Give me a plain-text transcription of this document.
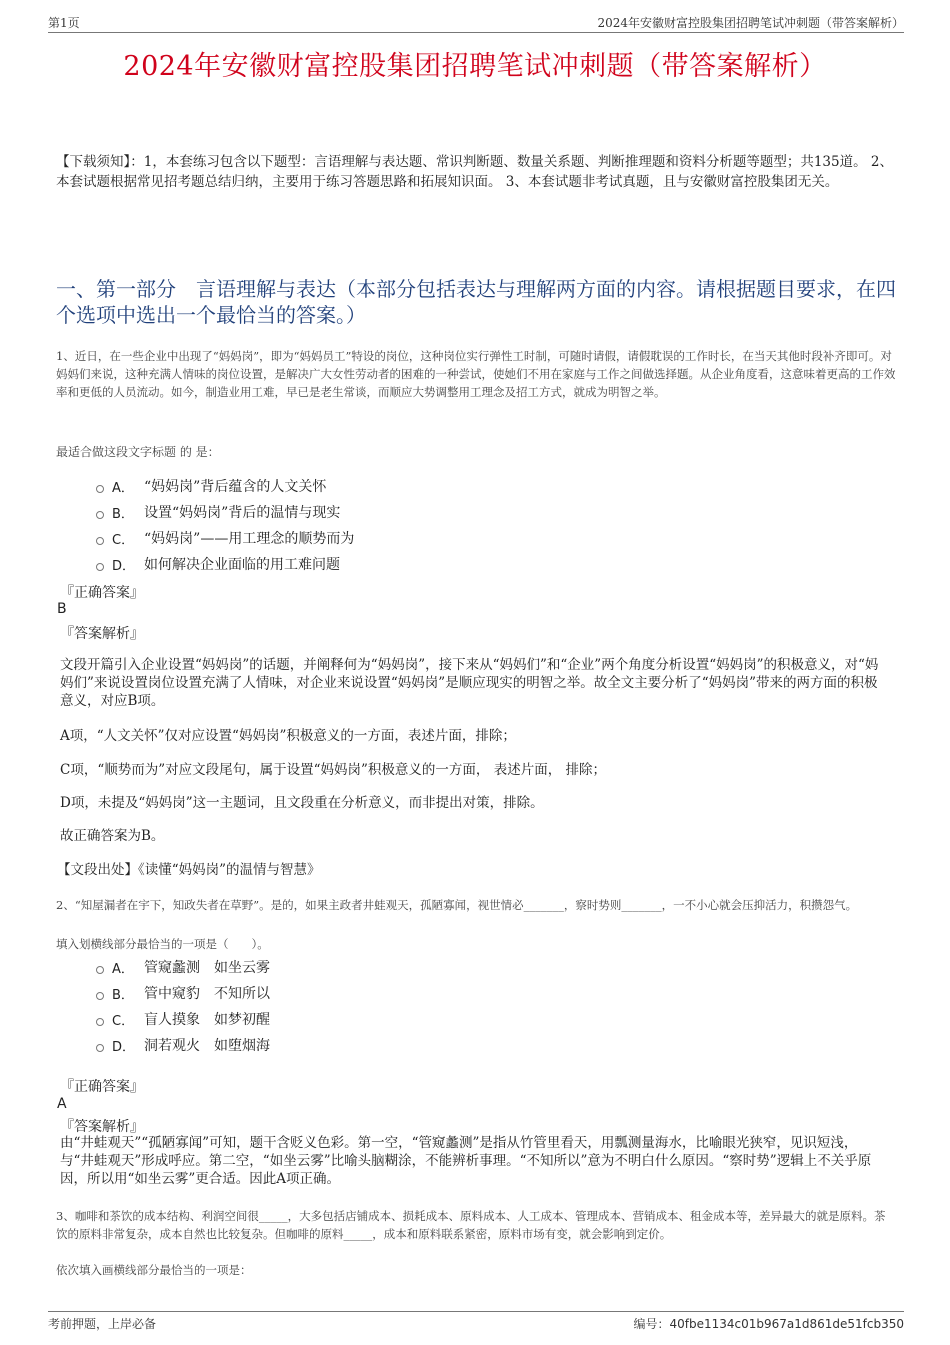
第1页	2024年安徽财富控股集团招聘笔试冲刺题（带答案解析）
2024年安徽财富控股集团招聘笔试冲刺题（带答案解析）
【下载须知】：1，本套练习包含以下题型：言语理解与表达题、常识判断题、数量关系题、判断推理题和资料分析题等题型；共135道。 2、本套试题根据常见招考题总结归纳，主要用于练习答题思路和拓展知识面。 3、本套试题非考试真题，且与安徽财富控股集团无关。
一、第一部分　言语理解与表达（本部分包括表达与理解两方面的内容。请根据题目要求，在四个选项中选出一个最恰当的答案。）
1、近日，在一些企业中出现了“妈妈岗”，即为“妈妈员工”特设的岗位，这种岗位实行弹性工时制，可随时请假，请假耽误的工作时长，在当天其他时段补齐即可。对妈妈们来说，这种充满人情味的岗位设置，是解决广大女性劳动者的困难的一种尝试，使她们不用在家庭与工作之间做选择题。从企业角度看，这意味着更高的工作效率和更低的人员流动。如今，制造业用工难，早已是老生常谈，而顺应大势调整用工理念及招工方式，就成为明智之举。
最适合做这段文字标题 的 是：
A． “妈妈岗”背后蕴含的人文关怀
B． 设置“妈妈岗”背后的温情与现实
C． “妈妈岗”——用工理念的顺势而为
D． 如何解决企业面临的用工难问题
『正确答案』
B
『答案解析』
文段开篇引入企业设置“妈妈岗”的话题，并阐释何为“妈妈岗”，接下来从“妈妈们”和“企业”两个角度分析设置“妈妈岗”的积极意义，对“妈妈们”来说设置岗位设置充满了人情味，对企业来说设置“妈妈岗”是顺应现实的明智之举。故全文主要分析了“妈妈岗”带来的两方面的积极意义，对应B项。
A项，“人文关怀”仅对应设置“妈妈岗”积极意义的一方面，表述片面，排除；
C项，“顺势而为”对应文段尾句，属于设置“妈妈岗”积极意义的一方面， 表述片面， 排除；
D项，未提及“妈妈岗”这一主题词，且文段重在分析意义，而非提出对策，排除。
故正确答案为B。
【文段出处】《读懂“妈妈岗”的温情与智慧》
2、“知屋漏者在宇下，知政失者在草野”。是的，如果主政者井蛙观天，孤陋寡闻，视世情必_______，察时势则_______，一不小心就会压抑活力，积攒怨气。
填入划横线部分最恰当的一项是（　　）。
A． 管窥蠡测　如坐云雾
B． 管中窥豹　不知所以
C． 盲人摸象　如梦初醒
D． 洞若观火　如堕烟海
『正确答案』
A
『答案解析』
由“井蛙观天”“孤陋寡闻”可知，题干含贬义色彩。第一空，“管窥蠡测”是指从竹管里看天，用瓢测量海水，比喻眼光狭窄，见识短浅，与“井蛙观天”形成呼应。第二空，“如坐云雾”比喻头脑糊涂，不能辨析事理。“不知所以”意为不明白什么原因。“察时势”逻辑上不关乎原因，所以用“如坐云雾”更合适。因此A项正确。
3、咖啡和茶饮的成本结构、利润空间很_____，大多包括店铺成本、损耗成本、原料成本、人工成本、管理成本、营销成本、租金成本等，差异最大的就是原料。茶饮的原料非常复杂，成本自然也比较复杂。但咖啡的原料_____，成本和原料联系紧密，原料市场有变，就会影响到定价。
依次填入画横线部分最恰当的一项是：
考前押题，上岸必备	编号：40fbe1134c01b967a1d861de51fcb350
